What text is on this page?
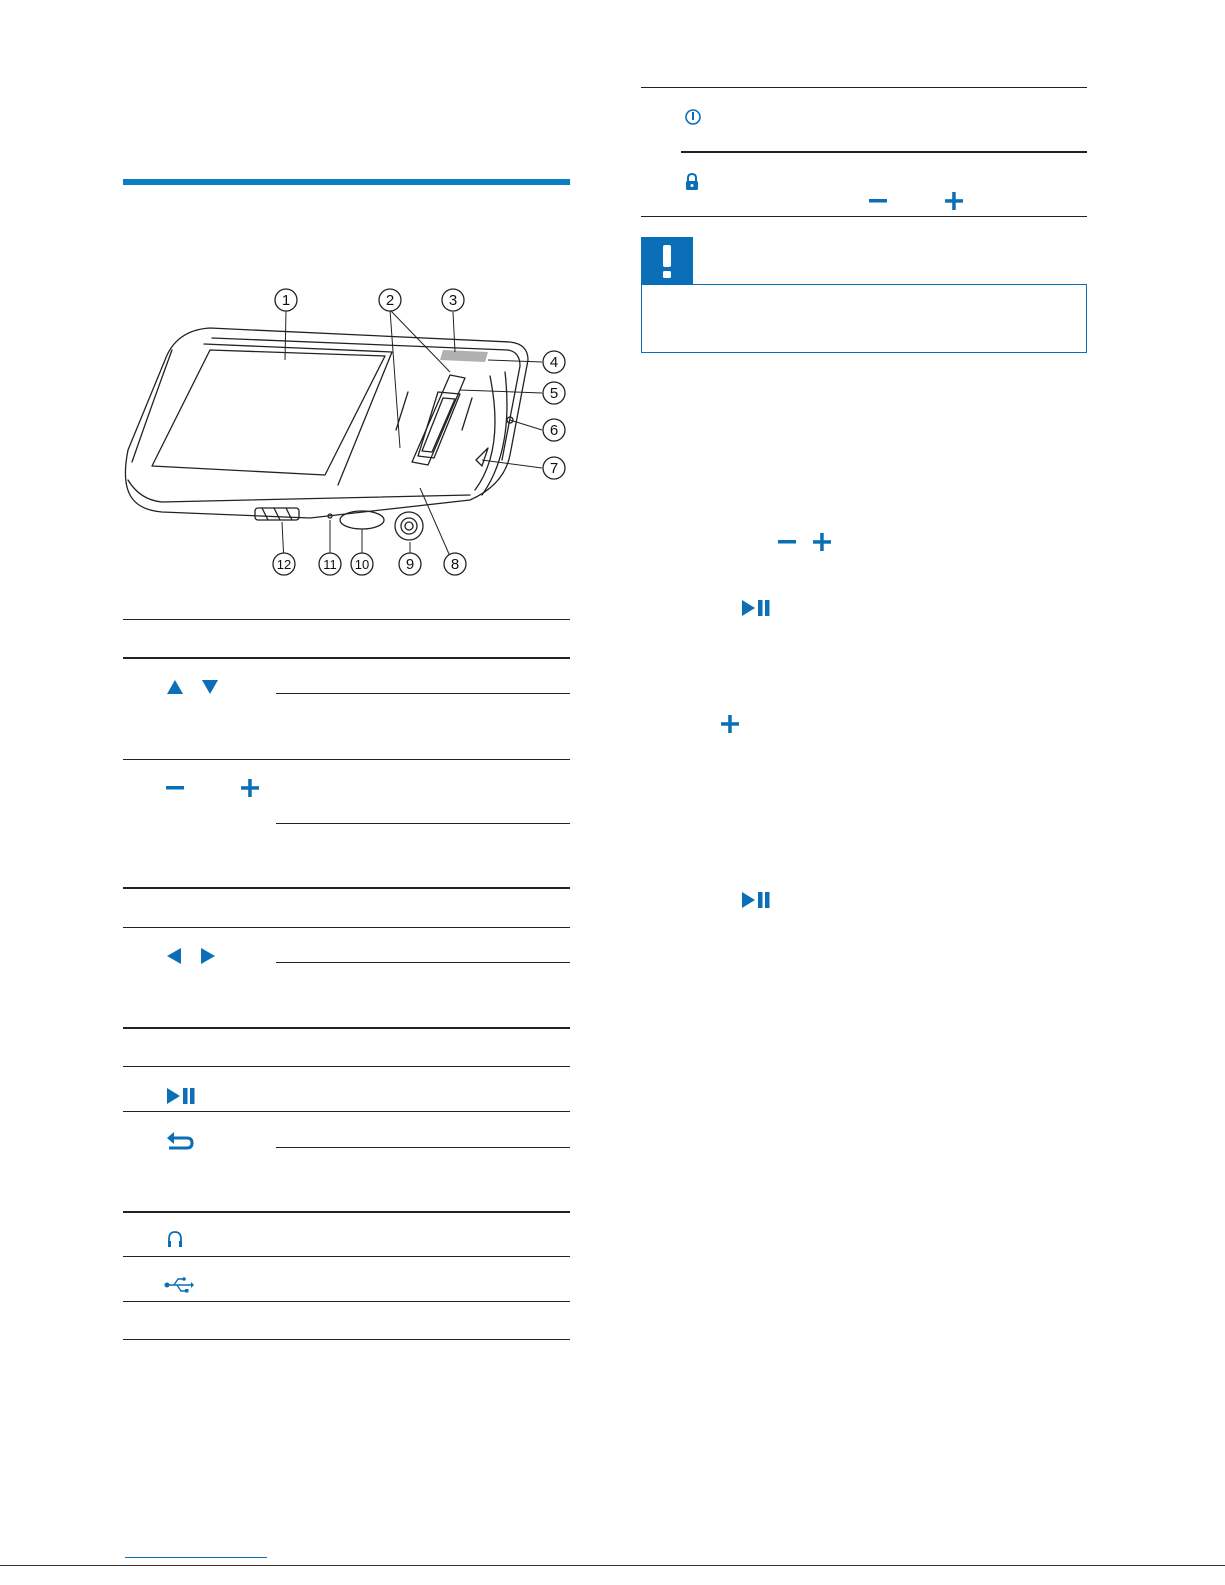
1	2	3
4
5
6
7
8
9
10
11
12
